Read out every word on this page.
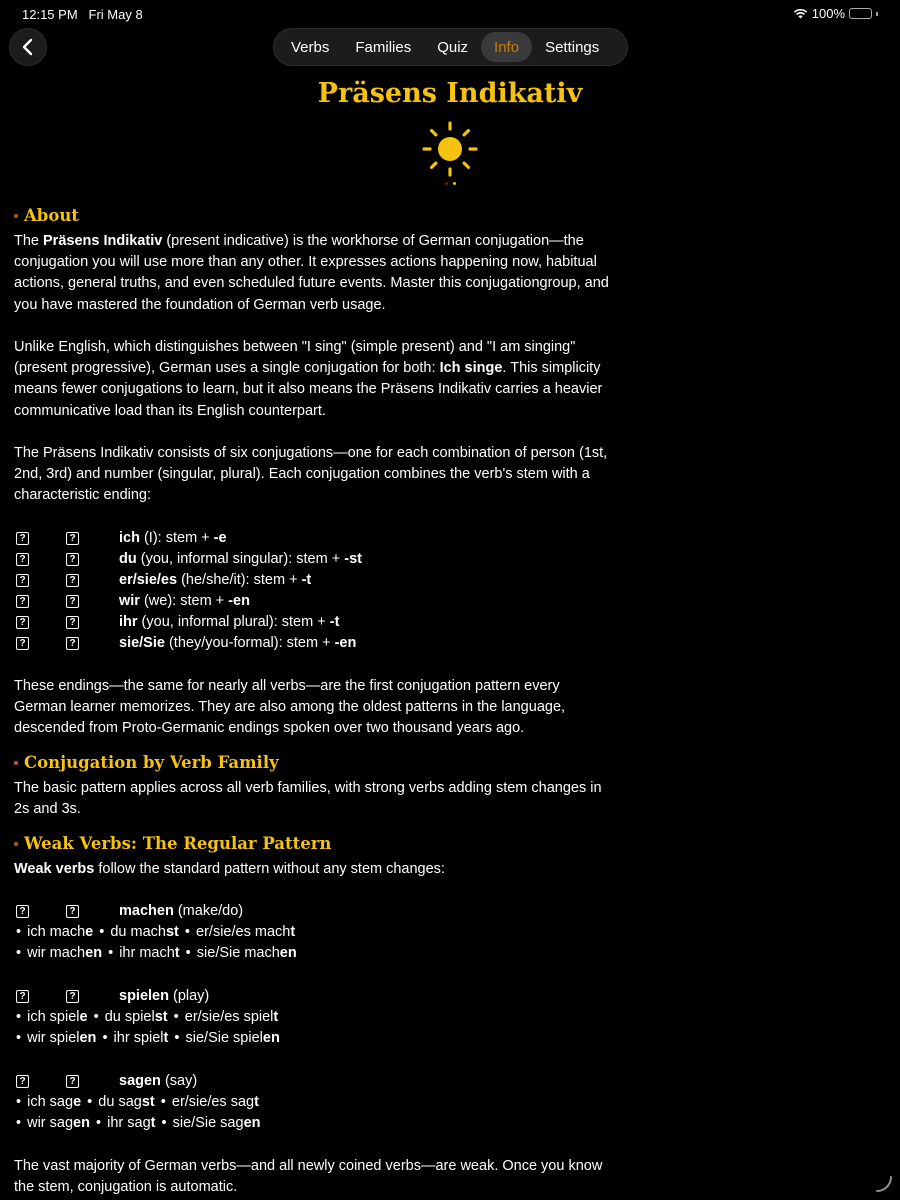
12:15 PM Fri May 8	100%
Verbs	Families	Quiz	Info	Settings
Präsens Indikativ
About
The Präsens Indikativ (present indicative) is the workhorse of German conjugation—the conjugation you will use more than any other. It expresses actions happening now, habitual actions, general truths, and even scheduled future events. Master this conjugationgroup, and you have mastered the foundation of German verb usage.
Unlike English, which distinguishes between "I sing" (simple present) and "I am singing" (present progressive), German uses a single conjugation for both: Ich singe. This simplicity means fewer conjugations to learn, but it also means the Präsens Indikativ carries a heavier communicative load than its English counterpart.
The Präsens Indikativ consists of six conjugations—one for each combination of person (1st, 2nd, 3rd) and number (singular, plural). Each conjugation combines the verb's stem with a characteristic ending:
?	?	ich (I): stem + -e
?	?	du (you, informal singular): stem + -st
?	?	er/sie/es (he/she/it): stem + -t
?	?	wir (we): stem + -en
?	?	ihr (you, informal plural): stem + -t
?	?	sie/Sie (they/you-formal): stem + -en
These endings—the same for nearly all verbs—are the first conjugation pattern every German learner memorizes. They are also among the oldest patterns in the language, descended from Proto-Germanic endings spoken over two thousand years ago.
Conjugation by Verb Family
The basic pattern applies across all verb families, with strong verbs adding stem changes in 2s and 3s.
Weak Verbs: The Regular Pattern
Weak verbs follow the standard pattern without any stem changes:
?	?	machen (make/do)
• ich mache • du machst • er/sie/es macht
• wir machen • ihr macht • sie/Sie machen
?	?	spielen (play)
• ich spiele • du spielst • er/sie/es spielt
• wir spielen • ihr spielt • sie/Sie spielen
?	?	sagen (say)
• ich sage • du sagst • er/sie/es sagt
• wir sagen • ihr sagt • sie/Sie sagen
The vast majority of German verbs—and all newly coined verbs—are weak. Once you know the stem, conjugation is automatic.
